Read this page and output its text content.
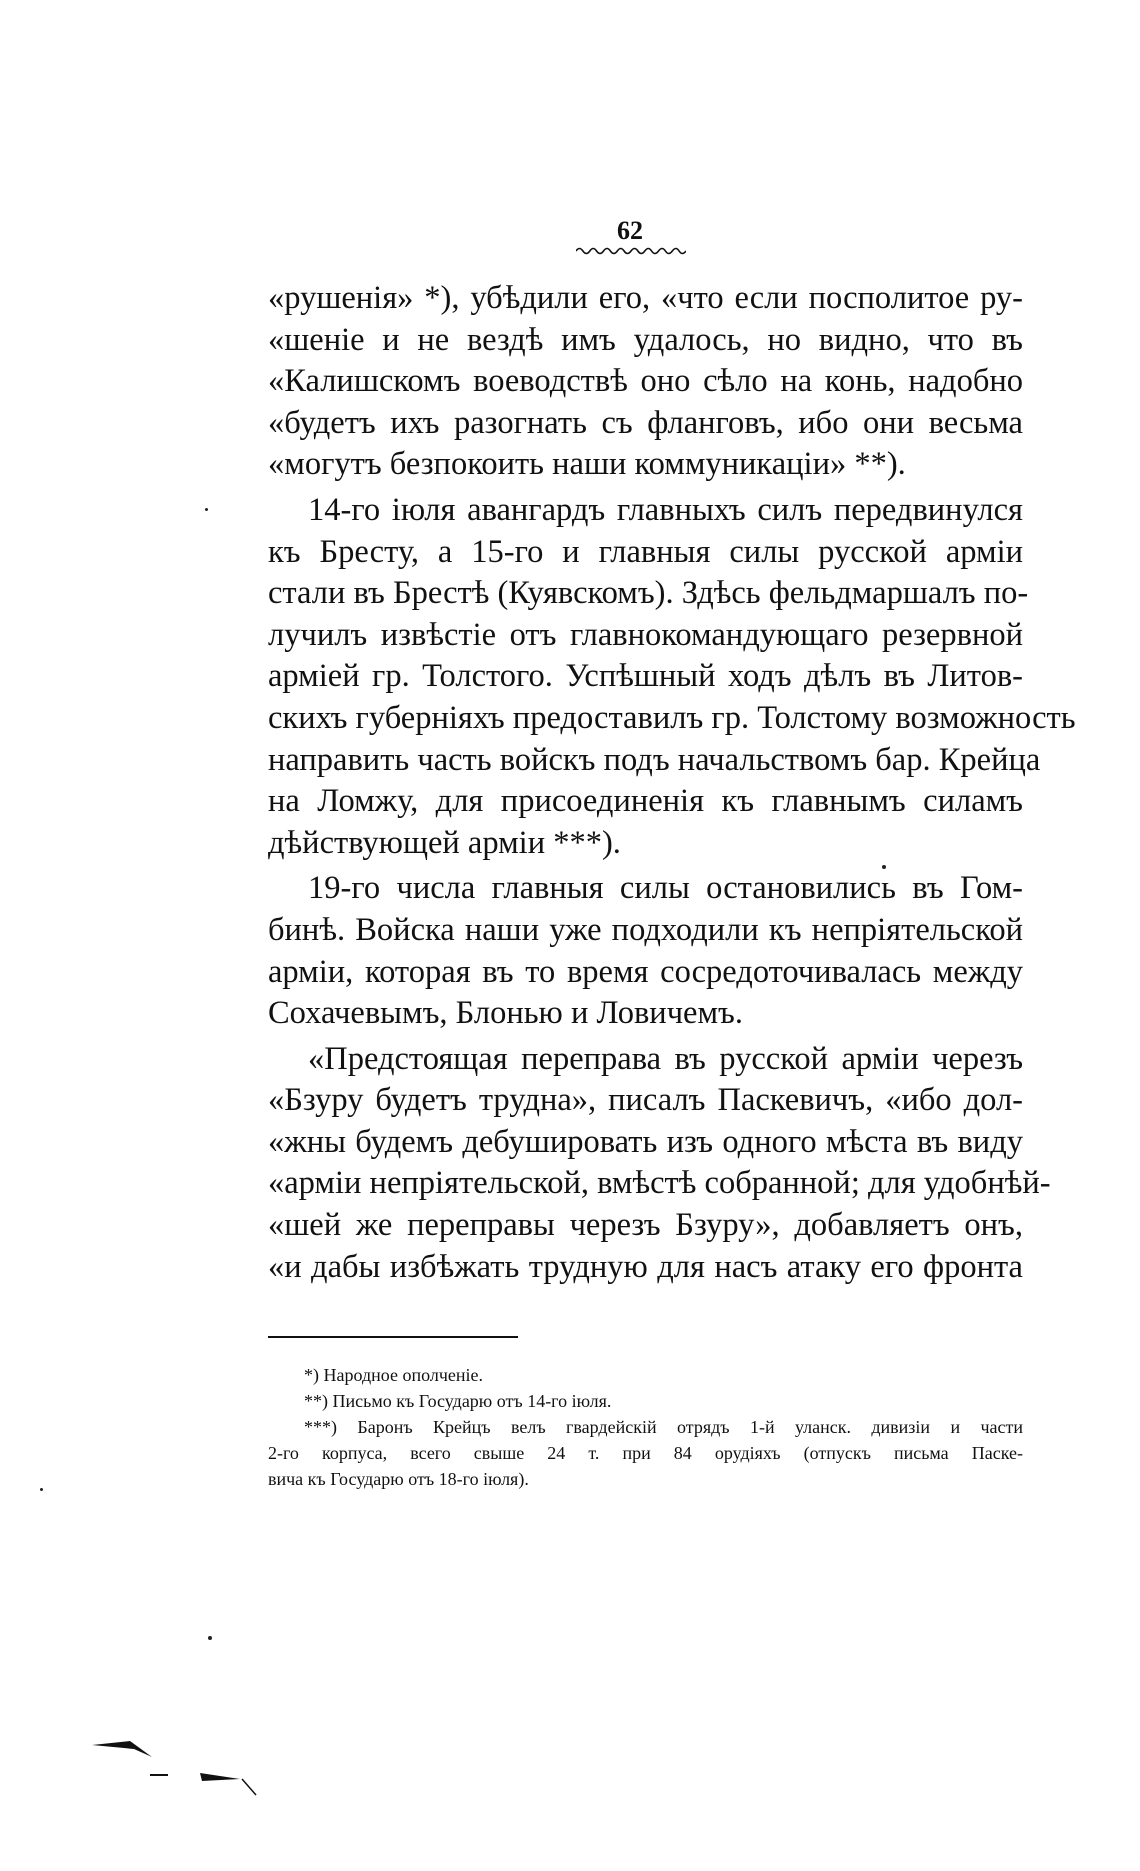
62
«рушенія» *), убѣдили его, «что если посполитое ру-
«шеніе и не вездѣ имъ удалось, но видно, что въ
«Калишскомъ воеводствѣ оно сѣло на конь, надобно
«будетъ ихъ разогнать съ фланговъ, ибо они весьма
«могутъ безпокоить наши коммуникаціи» **).
14-го іюля авангардъ главныхъ силъ передвинулся
къ Бресту, а 15-го и главныя силы русской арміи
стали въ Брестѣ (Куявскомъ). Здѣсь фельдмаршалъ по-
лучилъ извѣстіе отъ главнокомандующаго резервной
арміей гр. Толстого. Успѣшный ходъ дѣлъ въ Литов-
скихъ губерніяхъ предоставилъ гр. Толстому возможность
направить часть войскъ подъ начальствомъ бар. Крейца
на Ломжу, для присоединенія къ главнымъ силамъ
дѣйствующей арміи ***).
19-го числа главныя силы остановились въ Гом-
бинѣ. Войска наши уже подходили къ непріятельской
арміи, которая въ то время сосредоточивалась между
Сохачевымъ, Блонью и Ловичемъ.
«Предстоящая переправа въ русской арміи черезъ
«Бзуру будетъ трудна», писалъ Паскевичъ, «ибо дол-
«жны будемъ дебушировать изъ одного мѣста въ виду
«арміи непріятельской, вмѣстѣ собранной; для удобнѣй-
«шей же переправы черезъ Бзуру», добавляетъ онъ,
«и дабы избѣжать трудную для насъ атаку его фронта
*) Народное ополченіе.
**) Письмо къ Государю отъ 14-го іюля.
***) Баронъ Крейцъ велъ гвардейскій отрядъ 1-й уланск. дивизіи и части
2-го корпуса, всего свыше 24 т. при 84 орудіяхъ (отпускъ письма Паске-
вича къ Государю отъ 18-го іюля).
